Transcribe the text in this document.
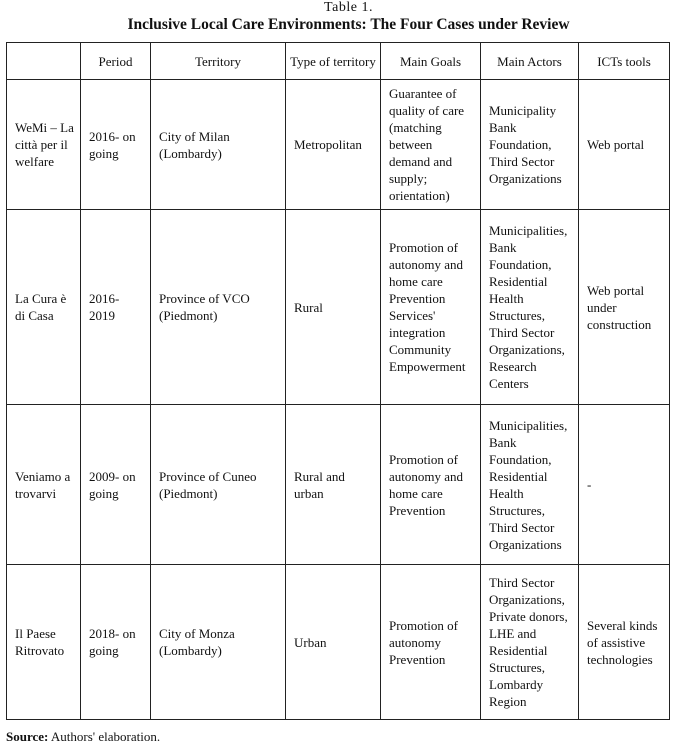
Table 1.
Inclusive Local Care Environments: The Four Cases under Review
	Period	Territory	Type of territory	Main Goals	Main Actors	ICTs tools
WeMi – La città per il welfare	2016- on going	City of Milan (Lombardy)	Metropolitan	Guarantee of quality of care (matching between demand and supply; orientation)	Municipality Bank Foundation, Third Sector Organizations	Web portal
La Cura è di Casa	2016- 2019	Province of VCO (Piedmont)	Rural	Promotion of autonomy and home care Prevention Services' integration Community Empowerment	Municipalities, Bank Foundation, Residential Health Structures, Third Sector Organizations, Research Centers	Web portal under construction
Veniamo a trovarvi	2009- on going	Province of Cuneo (Piedmont)	Rural and urban	Promotion of autonomy and home care Prevention	Municipalities, Bank Foundation, Residential Health Structures, Third Sector Organizations	-
Il Paese Ritrovato	2018- on going	City of Monza (Lombardy)	Urban	Promotion of autonomy Prevention	Third Sector Organizations, Private donors, LHE and Residential Structures, Lombardy Region	Several kinds of assistive technologies
Source: Authors' elaboration.
